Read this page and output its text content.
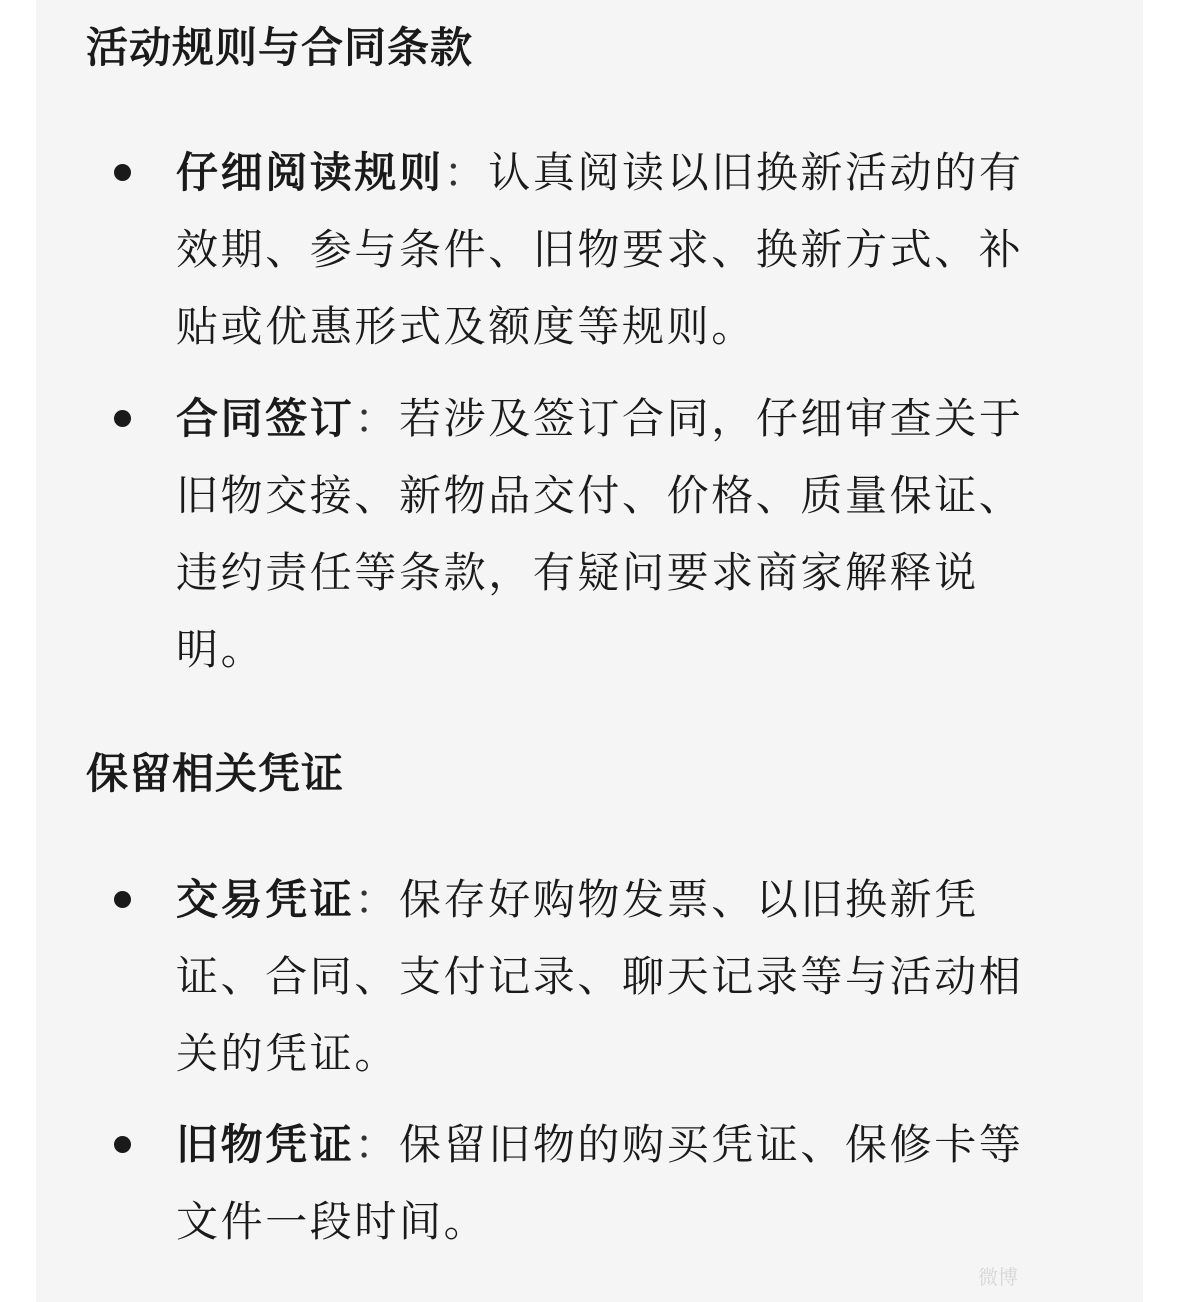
活动规则与合同条款

仔细阅读规则：认真阅读以旧换新活动的有效期、参与条件、旧物要求、换新方式、补贴或优惠形式及额度等规则。

合同签订：若涉及签订合同，仔细审查关于旧物交接、新物品交付、价格、质量保证、违约责任等条款，有疑问要求商家解释说明。

保留相关凭证

交易凭证：保存好购物发票、以旧换新凭证、合同、支付记录、聊天记录等与活动相关的凭证。

旧物凭证：保留旧物的购买凭证、保修卡等文件一段时间。

微博
